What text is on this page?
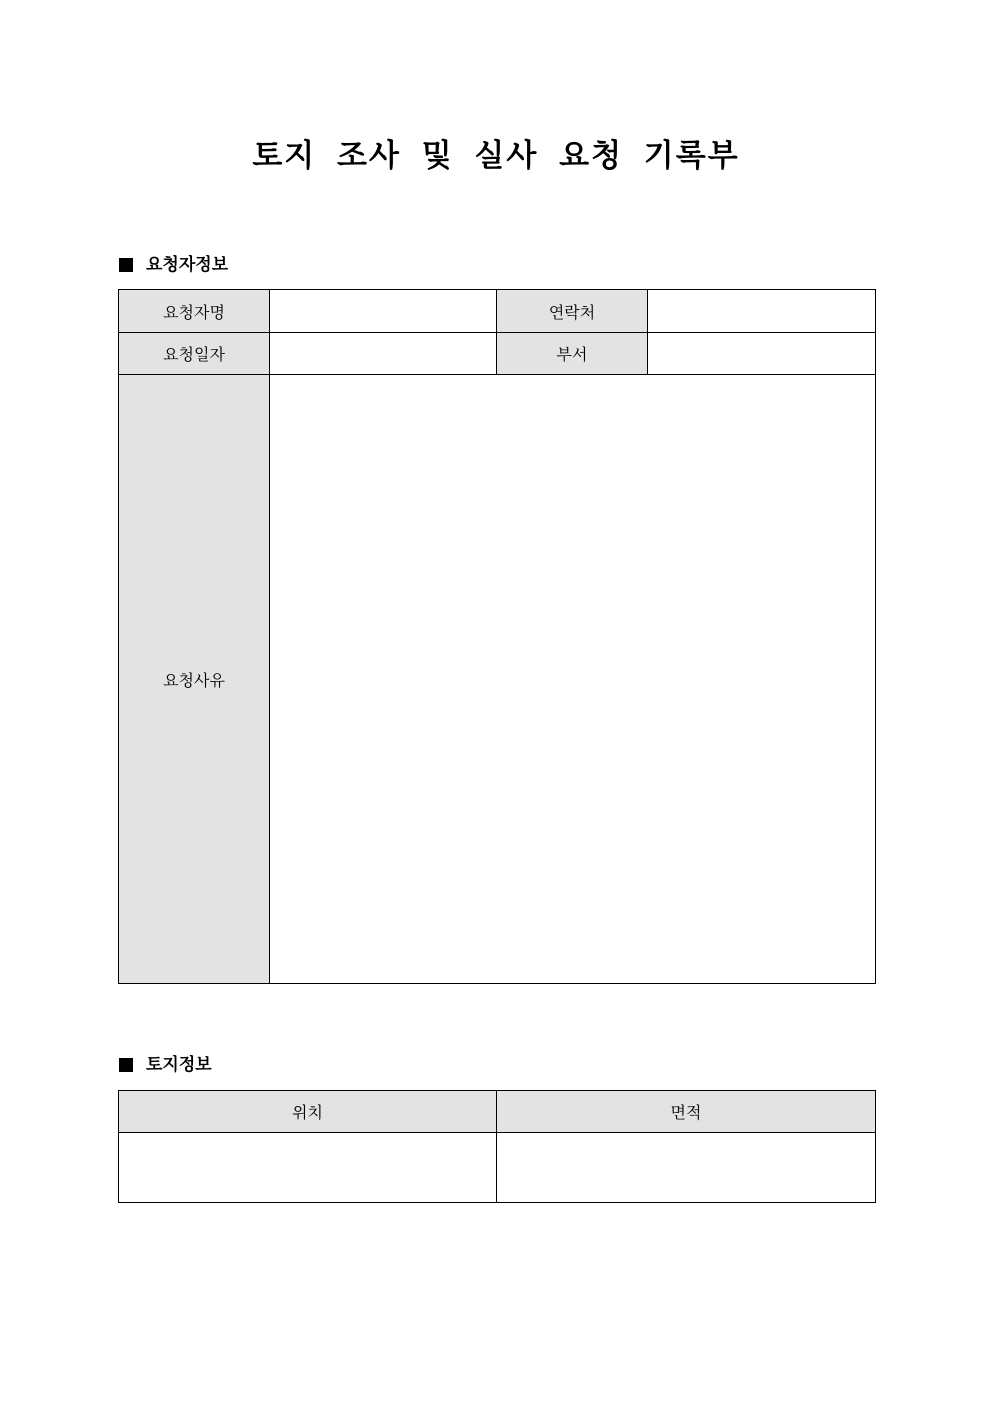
토지 조사 및 실사 요청 기록부
요청자정보
요청자명		연락처	
요청일자		부서	
요청사유			
토지정보
위치	면적
